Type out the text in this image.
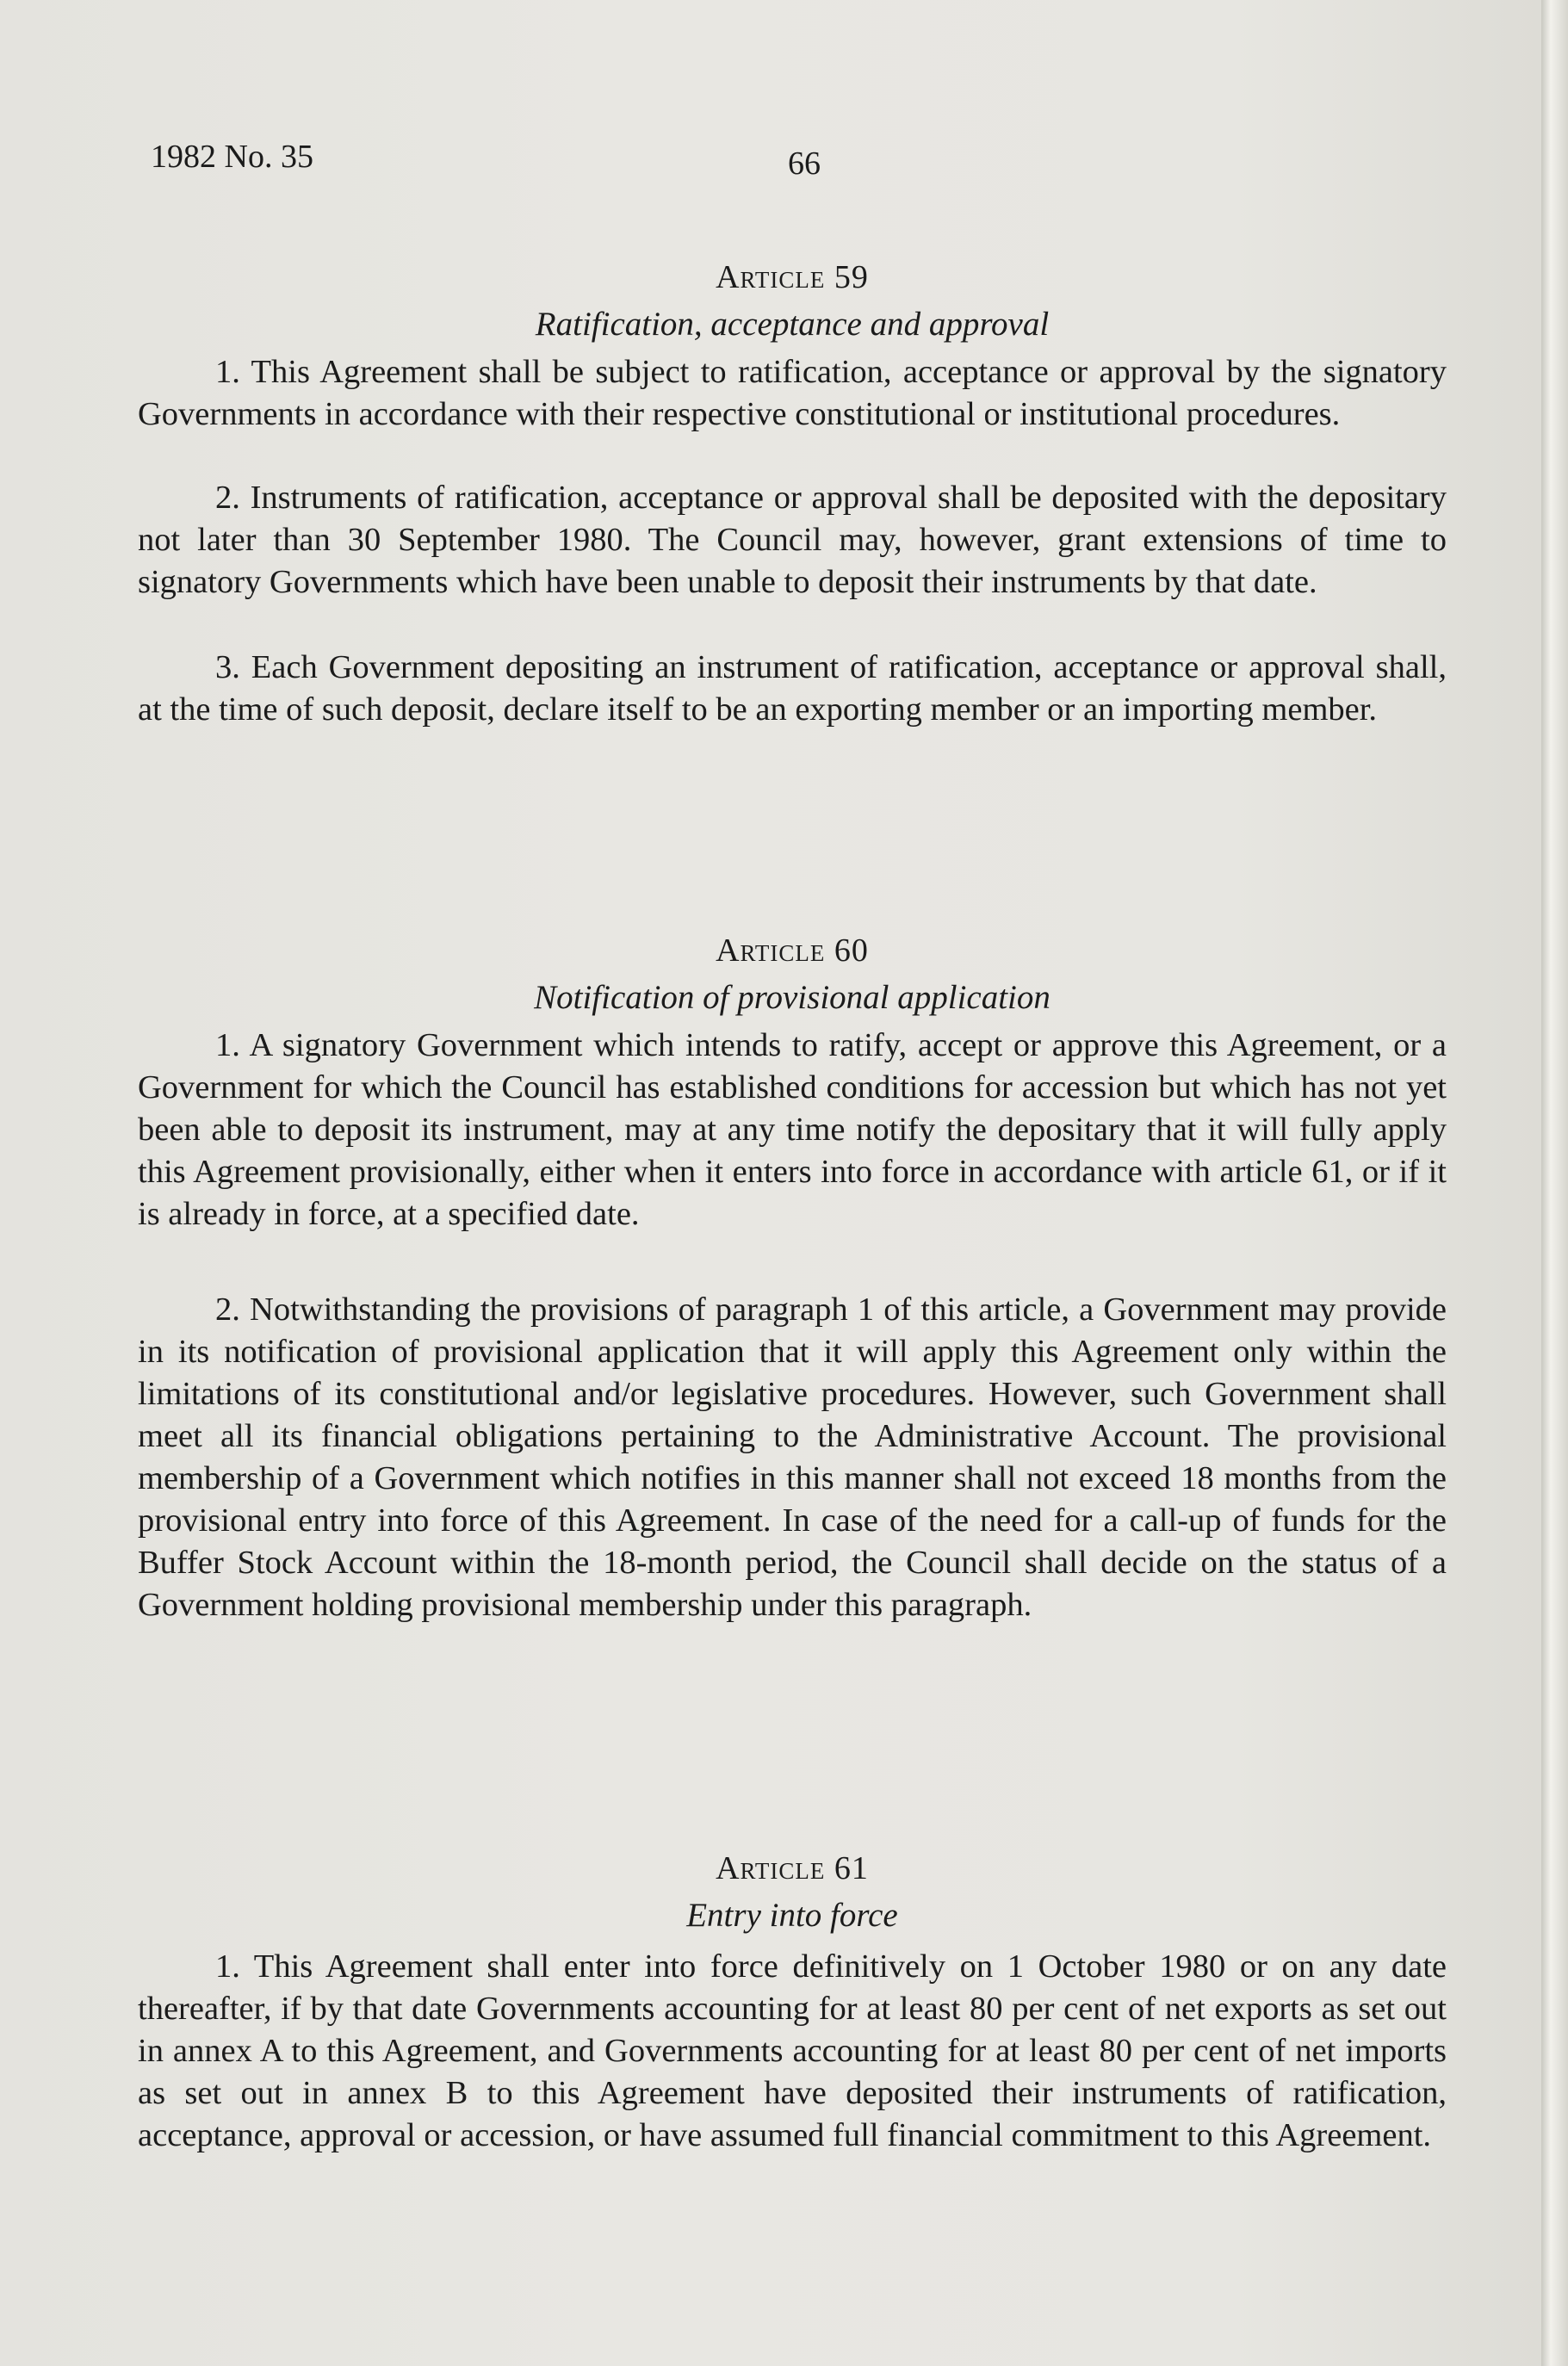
1982 No. 35	66

Article 59

Ratification, acceptance and approval

1. This Agreement shall be subject to ratification, acceptance or approval by the signatory Governments in accordance with their respective constitutional or institutional procedures.

2. Instruments of ratification, acceptance or approval shall be deposited with the depositary not later than 30 September 1980. The Council may, however, grant extensions of time to signatory Governments which have been unable to deposit their instruments by that date.

3. Each Government depositing an instrument of ratification, acceptance or approval shall, at the time of such deposit, declare itself to be an exporting member or an importing member.

Article 60

Notification of provisional application

1. A signatory Government which intends to ratify, accept or approve this Agreement, or a Government for which the Council has established conditions for accession but which has not yet been able to deposit its instrument, may at any time notify the depositary that it will fully apply this Agreement provisionally, either when it enters into force in accordance with article 61, or if it is already in force, at a specified date.

2. Notwithstanding the provisions of paragraph 1 of this article, a Government may provide in its notification of provisional application that it will apply this Agreement only within the limitations of its constitutional and/or legislative procedures. However, such Government shall meet all its financial obligations pertaining to the Administrative Account. The provisional membership of a Government which notifies in this manner shall not exceed 18 months from the provisional entry into force of this Agreement. In case of the need for a call-up of funds for the Buffer Stock Account within the 18-month period, the Council shall decide on the status of a Government holding provisional membership under this paragraph.

Article 61

Entry into force

1. This Agreement shall enter into force definitively on 1 October 1980 or on any date thereafter, if by that date Governments accounting for at least 80 per cent of net exports as set out in annex A to this Agreement, and Governments accounting for at least 80 per cent of net imports as set out in annex B to this Agreement have deposited their instruments of ratification, acceptance, approval or accession, or have assumed full financial commitment to this Agreement.
